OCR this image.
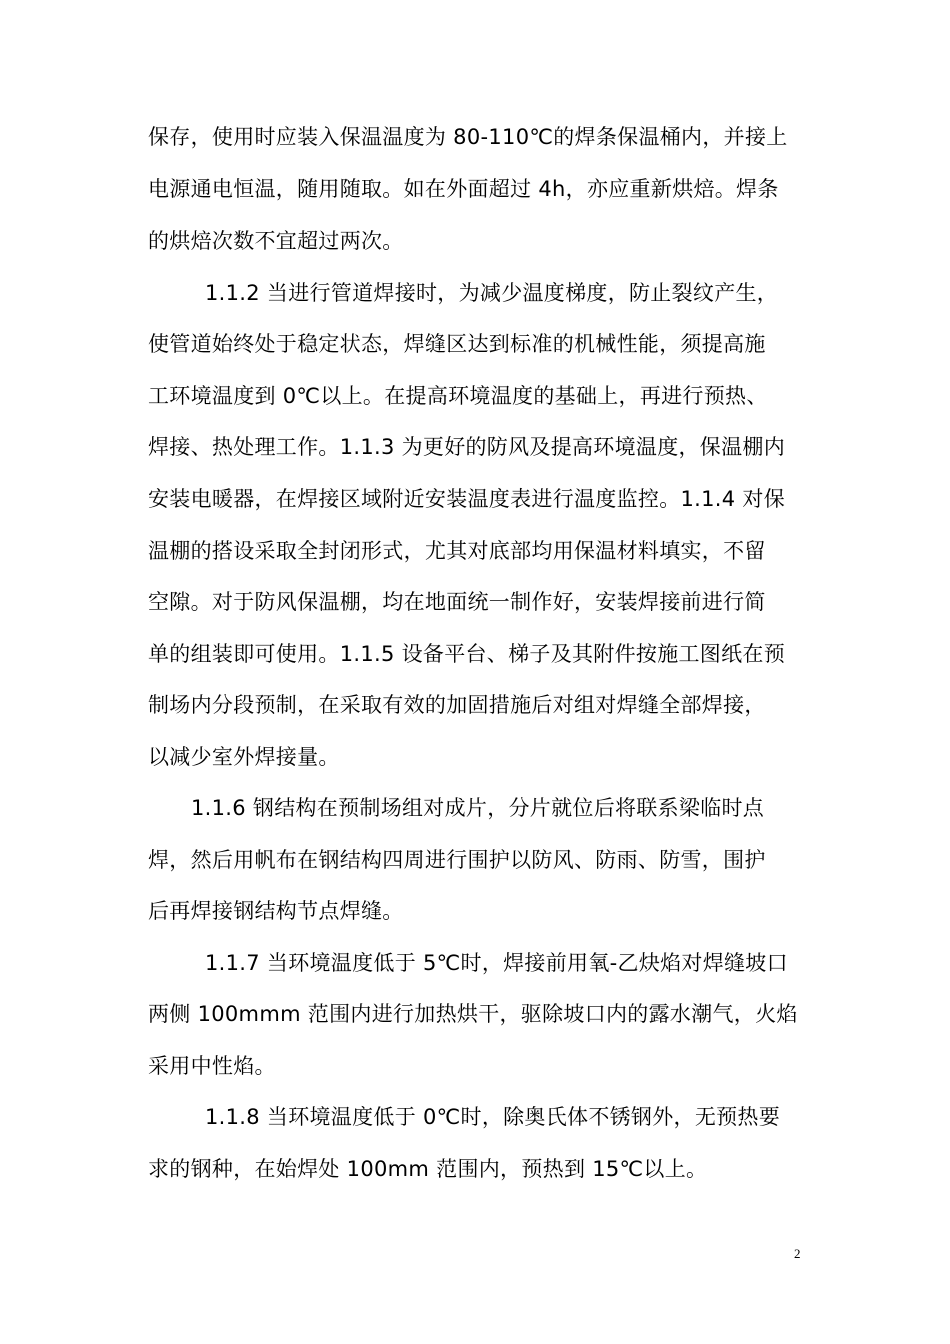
保存，使用时应装入保温温度为 80-110℃的焊条保温桶内，并接上
电源通电恒温，随用随取。如在外面超过 4h，亦应重新烘焙。焊条
的烘焙次数不宜超过两次。
1.1.2 当进行管道焊接时，为减少温度梯度，防止裂纹产生，
使管道始终处于稳定状态，焊缝区达到标准的机械性能，须提高施
工环境温度到 0℃以上。在提高环境温度的基础上，再进行预热、
焊接、热处理工作。1.1.3 为更好的防风及提高环境温度，保温棚内
安装电暖器，在焊接区域附近安装温度表进行温度监控。1.1.4 对保
温棚的搭设采取全封闭形式，尤其对底部均用保温材料填实，不留
空隙。对于防风保温棚，均在地面统一制作好，安装焊接前进行简
单的组装即可使用。1.1.5 设备平台、梯子及其附件按施工图纸在预
制场内分段预制，在采取有效的加固措施后对组对焊缝全部焊接，
以减少室外焊接量。
1.1.6 钢结构在预制场组对成片，分片就位后将联系梁临时点
焊，然后用帆布在钢结构四周进行围护以防风、防雨、防雪，围护
后再焊接钢结构节点焊缝。
1.1.7 当环境温度低于 5℃时，焊接前用氧-乙炔焰对焊缝坡口
两侧 100mmm 范围内进行加热烘干，驱除坡口内的露水潮气，火焰
采用中性焰。
1.1.8 当环境温度低于 0℃时，除奥氏体不锈钢外，无预热要
求的钢种，在始焊处 100mm 范围内，预热到 15℃以上。
2
